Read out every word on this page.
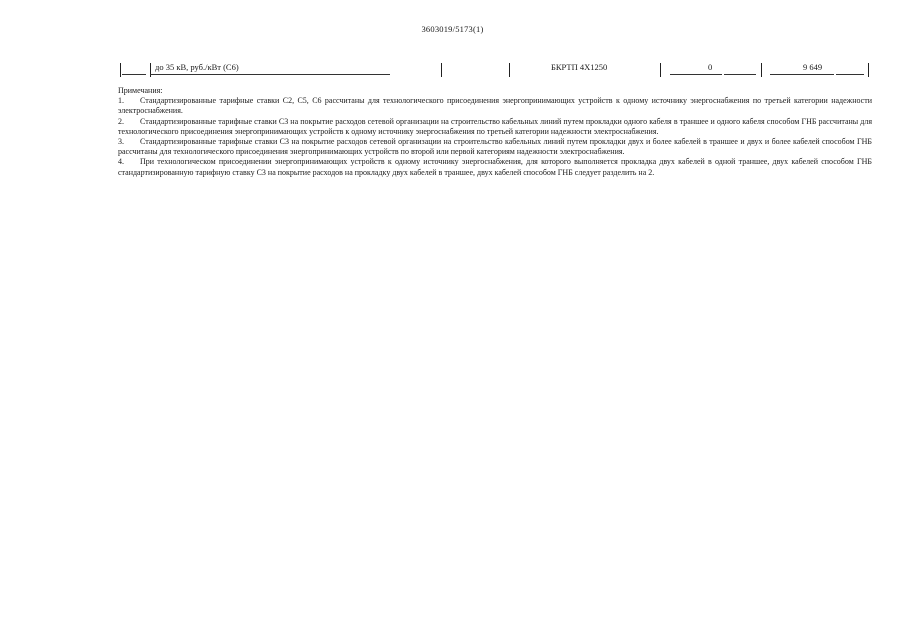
3603019/5173(1)
до 35 кВ, руб./кВт (С6)	БКРТП 4Х1250	0	9 649

Примечания:

1. Стандартизированные тарифные ставки С2, С5, С6 рассчитаны для технологического присоединения энергопринимающих устройств к одному источнику энергоснабжения по третьей категории надежности электроснабжения.

2. Стандартизированные тарифные ставки С3 на покрытие расходов сетевой организации на строительство кабельных линий путем прокладки одного кабеля в траншее и одного кабеля способом ГНБ рассчитаны для технологического присоединения энергопринимающих устройств к одному источнику энергоснабжения по третьей категории надежности электроснабжения.

3. Стандартизированные тарифные ставки С3 на покрытие расходов сетевой организации на строительство кабельных линий путем прокладки двух и более кабелей в траншее и двух и более кабелей способом ГНБ рассчитаны для технологического присоединения энергопринимающих устройств по второй или первой категориям надежности электроснабжения.

4. При технологическом присоединении энергопринимающих устройств к одному источнику энергоснабжения, для которого выполняется прокладка двух кабелей в одной траншее, двух кабелей способом ГНБ стандартизированную тарифную ставку С3 на покрытие расходов на прокладку двух кабелей в траншее, двух кабелей способом ГНБ следует разделить на 2.
